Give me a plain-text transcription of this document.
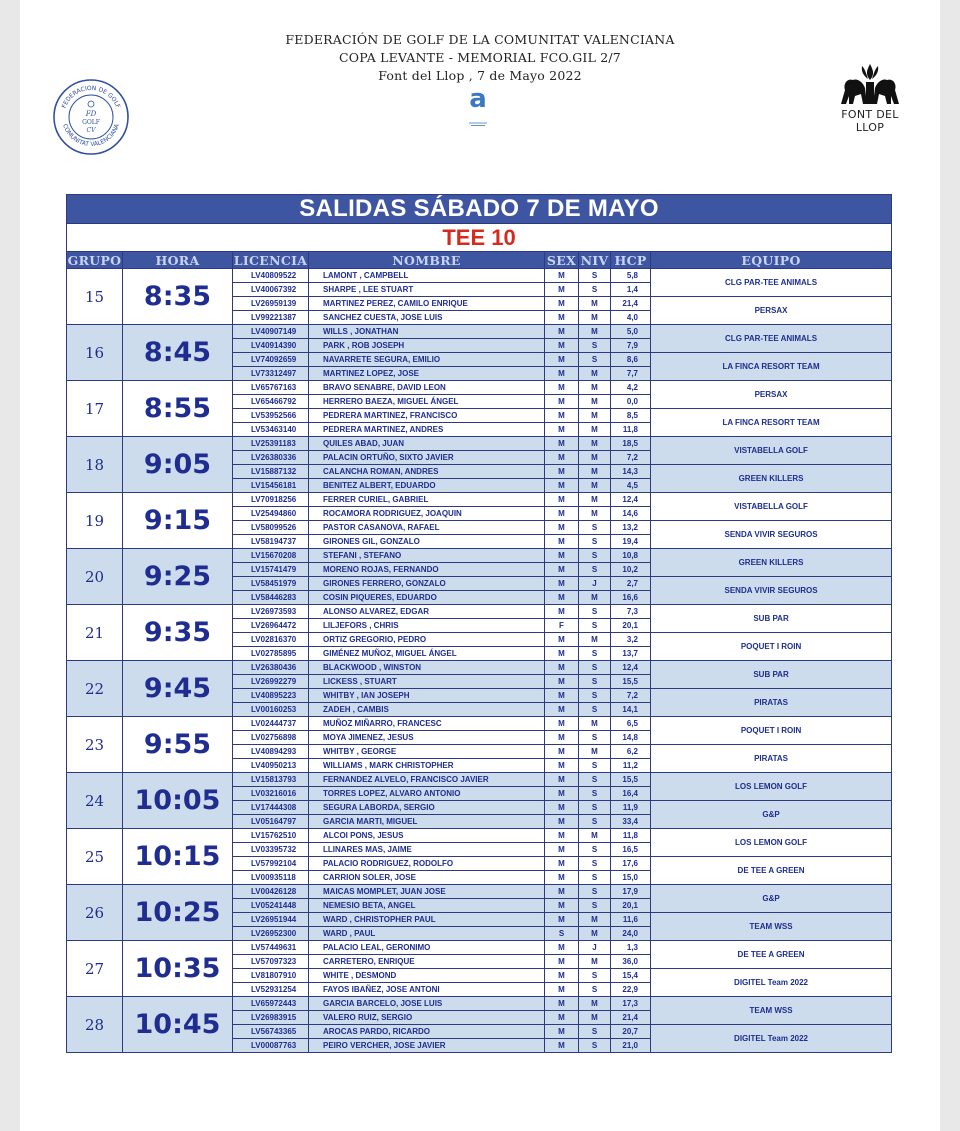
FEDERACIÓN DE GOLF DE LA COMUNITAT VALENCIANA
COPA LEVANTE - MEMORIAL FCO.GIL 2/7
Font del Llop , 7 de Mayo 2022
a
FEDERACION DE GOLF
COMUNITAT VALENCIANA
FD
GOLF
CV
FONT DEL LLOP
SALIDAS SÁBADO 7 DE MAYO							
TEE 10							
GRUPO	HORA	LICENCIA	NOMBRE	SEX	NIV	HCP	EQUIPO
15	8:35	LV40809522	LAMONT , CAMPBELL	M	S	5,8	CLG PAR-TEE ANIMALS
		LV40067392	SHARPE , LEE STUART	M	S	1,4	
		LV26959139	MARTINEZ PEREZ, CAMILO ENRIQUE	M	M	21,4	PERSAX
		LV99221387	SANCHEZ CUESTA, JOSE LUIS	M	M	4,0	
16	8:45	LV40907149	WILLS , JONATHAN	M	M	5,0	CLG PAR-TEE ANIMALS
		LV40914390	PARK , ROB JOSEPH	M	S	7,9	
		LV74092659	NAVARRETE SEGURA, EMILIO	M	S	8,6	LA FINCA RESORT TEAM
		LV73312497	MARTINEZ LOPEZ, JOSE	M	M	7,7	
17	8:55	LV65767163	BRAVO SENABRE, DAVID LEON	M	M	4,2	PERSAX
		LV65466792	HERRERO BAEZA, MIGUEL ÁNGEL	M	M	0,0	
		LV53952566	PEDRERA MARTINEZ, FRANCISCO	M	M	8,5	LA FINCA RESORT TEAM
		LV53463140	PEDRERA MARTINEZ, ANDRES	M	M	11,8	
18	9:05	LV25391183	QUILES ABAD, JUAN	M	M	18,5	VISTABELLA GOLF
		LV26380336	PALACIN ORTUÑO, SIXTO JAVIER	M	M	7,2	
		LV15887132	CALANCHA ROMAN, ANDRES	M	M	14,3	GREEN KILLERS
		LV15456181	BENITEZ ALBERT, EDUARDO	M	M	4,5	
19	9:15	LV70918256	FERRER CURIEL, GABRIEL	M	M	12,4	VISTABELLA GOLF
		LV25494860	ROCAMORA RODRIGUEZ, JOAQUIN	M	M	14,6	
		LV58099526	PASTOR CASANOVA, RAFAEL	M	S	13,2	SENDA VIVIR SEGUROS
		LV58194737	GIRONES GIL, GONZALO	M	S	19,4	
20	9:25	LV15670208	STEFANI , STEFANO	M	S	10,8	GREEN KILLERS
		LV15741479	MORENO ROJAS, FERNANDO	M	S	10,2	
		LV58451979	GIRONES FERRERO, GONZALO	M	J	2,7	SENDA VIVIR SEGUROS
		LV58446283	COSIN PIQUERES, EDUARDO	M	M	16,6	
21	9:35	LV26973593	ALONSO ALVAREZ, EDGAR	M	S	7,3	SUB PAR
		LV26964472	LILJEFORS , CHRIS	F	S	20,1	
		LV02816370	ORTIZ GREGORIO, PEDRO	M	M	3,2	POQUET I ROIN
		LV02785895	GIMÉNEZ MUÑOZ, MIGUEL ÁNGEL	M	S	13,7	
22	9:45	LV26380436	BLACKWOOD , WINSTON	M	S	12,4	SUB PAR
		LV26992279	LICKESS , STUART	M	S	15,5	
		LV40895223	WHITBY , IAN JOSEPH	M	S	7,2	PIRATAS
		LV00160253	ZADEH , CAMBIS	M	S	14,1	
23	9:55	LV02444737	MUÑOZ MIÑARRO, FRANCESC	M	M	6,5	POQUET I ROIN
		LV02756898	MOYA JIMENEZ, JESUS	M	S	14,8	
		LV40894293	WHITBY , GEORGE	M	M	6,2	PIRATAS
		LV40950213	WILLIAMS , MARK CHRISTOPHER	M	S	11,2	
24	10:05	LV15813793	FERNANDEZ ALVELO, FRANCISCO JAVIER	M	S	15,5	LOS LEMON GOLF
		LV03216016	TORRES LOPEZ, ALVARO ANTONIO	M	S	16,4	
		LV17444308	SEGURA LABORDA, SERGIO	M	S	11,9	G&P
		LV05164797	GARCIA MARTI, MIGUEL	M	S	33,4	
25	10:15	LV15762510	ALCOI PONS, JESUS	M	M	11,8	LOS LEMON GOLF
		LV03395732	LLINARES MAS, JAIME	M	S	16,5	
		LV57992104	PALACIO RODRIGUEZ, RODOLFO	M	S	17,6	DE TEE A GREEN
		LV00935118	CARRION SOLER, JOSE	M	S	15,0	
26	10:25	LV00426128	MAICAS MOMPLET, JUAN JOSE	M	S	17,9	G&P
		LV05241448	NEMESIO BETA, ANGEL	M	S	20,1	
		LV26951944	WARD , CHRISTOPHER PAUL	M	M	11,6	TEAM WSS
		LV26952300	WARD , PAUL	S	M	24,0	
27	10:35	LV57449631	PALACIO LEAL, GERONIMO	M	J	1,3	DE TEE A GREEN
		LV57097323	CARRETERO, ENRIQUE	M	M	36,0	
		LV81807910	WHITE , DESMOND	M	S	15,4	DIGITEL Team 2022
		LV52931254	FAYOS IBAÑEZ, JOSE ANTONI	M	S	22,9	
28	10:45	LV65972443	GARCIA BARCELO, JOSE LUIS	M	M	17,3	TEAM WSS
		LV26983915	VALERO RUIZ, SERGIO	M	M	21,4	
		LV56743365	AROCAS PARDO, RICARDO	M	S	20,7	DIGITEL Team 2022
		LV00087763	PEIRO VERCHER, JOSE JAVIER	M	S	21,0	
